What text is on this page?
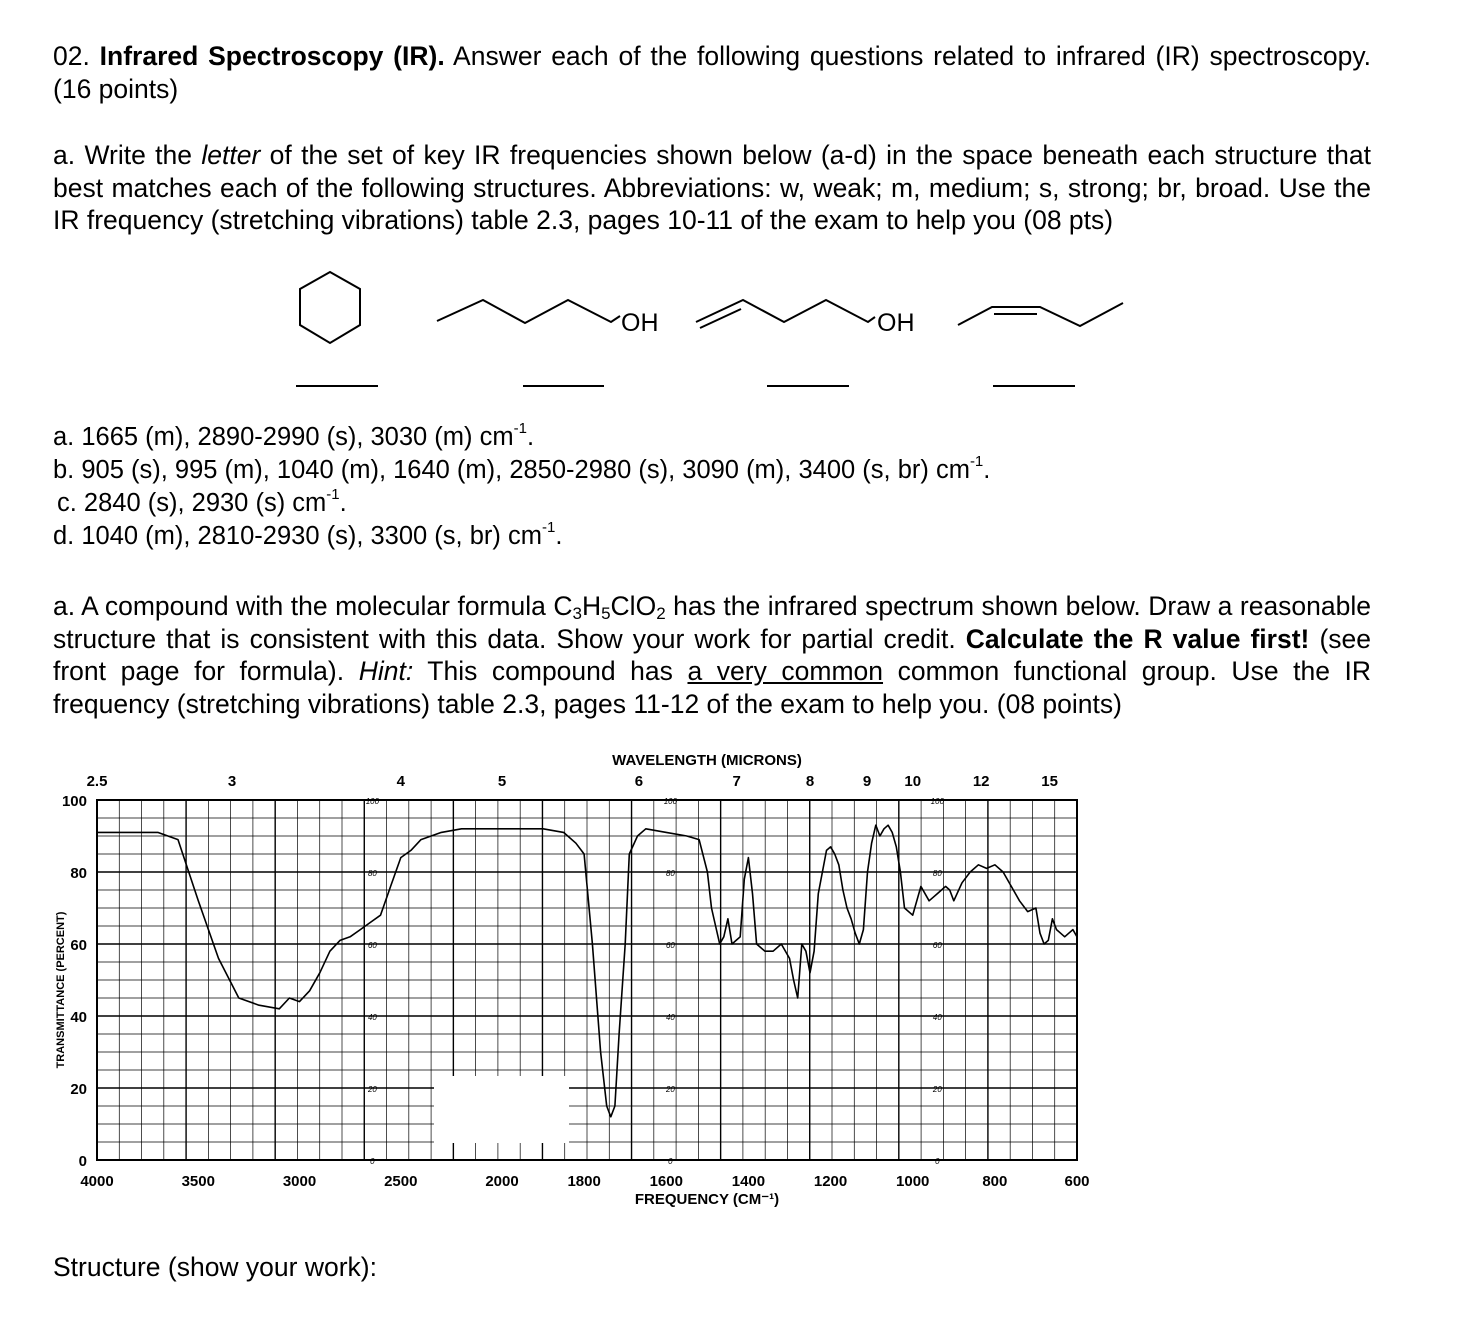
02. Infrared Spectroscopy (IR). Answer each of the following questions related to infrared (IR) spectroscopy. (16 points)
a. Write the letter of the set of key IR frequencies shown below (a-d) in the space beneath each structure that best matches each of the following structures. Abbreviations: w, weak; m, medium; s, strong; br, broad. Use the IR frequency (stretching vibrations) table 2.3, pages 10-11 of the exam to help you (08 pts)
OH	OH
a. 1665 (m), 2890-2990 (s), 3030 (m) $cm^{-1}$.
b. 905 (s), 995 (m), 1040 (m), 1640 (m), 2850-2980 (s), 3090 (m), 3400 (s, br) $cm^{-1}$.
c. 2840 (s), 2930 (s) $cm^{-1}$.
d. 1040 (m), 2810-2930 (s), 3300 (s, br) $cm^{-1}$.
a. A compound with the molecular formula $C_3H_5ClO_2$ has the infrared spectrum shown below. Draw a reasonable structure that is consistent with this data. Show your work for partial credit. Calculate the R value first! (see front page for formula). Hint: This compound has a very common common functional group. Use the IR frequency (stretching vibrations) table 2.3, pages 11-12 of the exam to help you. (08 points)
100
80
60
40
20
0
4000	3500	3000	2500	2000	1800	1600	1400	1200	1000	800	600
2.5	3	4	5	6	7	8	9 10	12	15
100
80
60
40
20
0
100
80
60
40
20
0
100
80
60
40
20
0
WAVELENGTH (MICRONS)
FREQUENCY (CM⁻¹)
TRANSMITTANCE (PERCENT)
Structure (show your work):
